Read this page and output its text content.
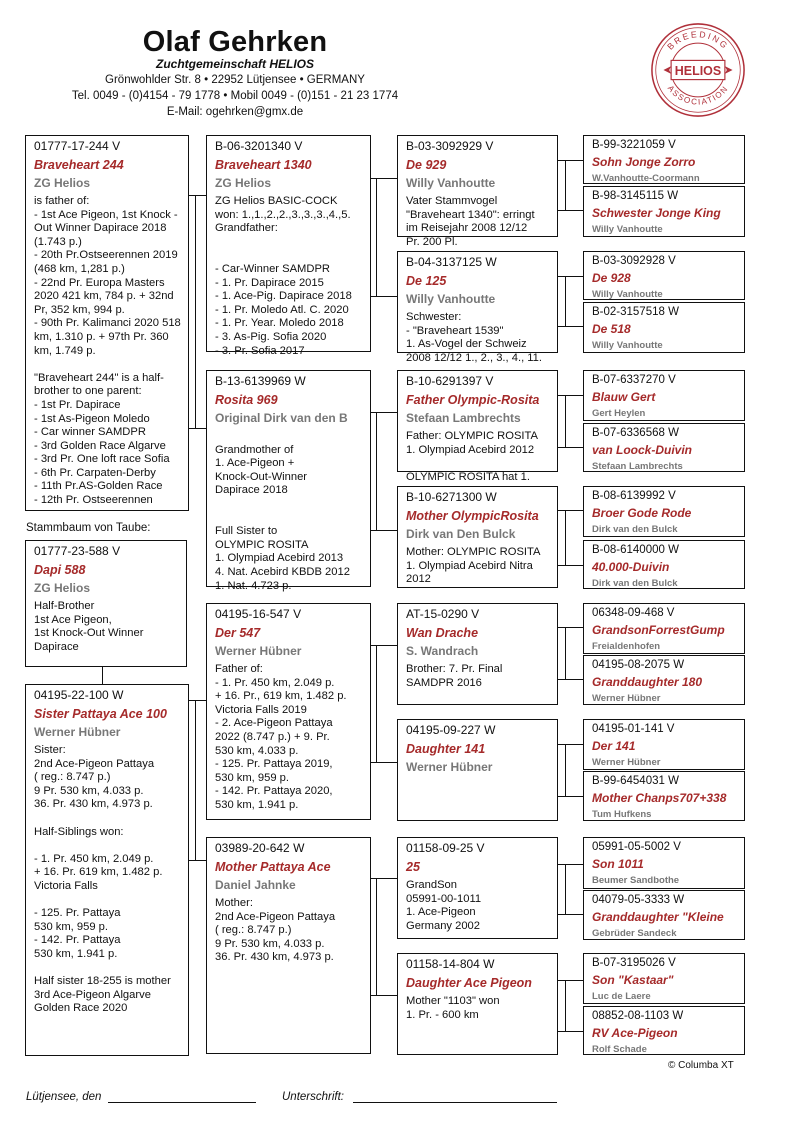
Olaf Gehrken
Zuchtgemeinschaft HELIOS
Grönwohlder Str. 8 • 22952 Lütjensee • GERMANY
Tel. 0049 - (0)4154 - 79 1778 • Mobil 0049 - (0)151 - 21 23 1774
E-Mail: ogehrken@gmx.de
BREEDING
ASSOCIATION
HELIOS
01777-17-244 V
Braveheart 244
ZG Helios
is father of:
- 1st Ace Pigeon, 1st Knock -Out Winner Dapirace 2018 (1.743 p.)
- 20th Pr.Ostseerennen 2019 (468 km, 1,281 p.)
- 22nd Pr. Europa Masters 2020 421 km, 784 p. + 32nd Pr, 352 km, 994 p.
- 90th Pr. Kalimanci 2020 518 km, 1.310 p. + 97th Pr. 360 km, 1.749 p.

"Braveheart 244" is a half-brother to one parent:
- 1st Pr. Dapirace
- 1st As-Pigeon Moledo
- Car winner SAMDPR
- 3rd Golden Race Algarve
- 3rd Pr. One loft race Sofia
- 6th Pr. Carpaten-Derby
- 11th Pr.AS-Golden Race
- 12th Pr. Ostseerennen
Stammbaum von Taube:
01777-23-588 V
Dapi 588
ZG Helios
Half-Brother
1st Ace Pigeon,
1st Knock-Out Winner
Dapirace
04195-22-100 W
Sister Pattaya Ace 100
Werner Hübner
Sister:
2nd Ace-Pigeon Pattaya
( reg.: 8.747 p.)
9 Pr. 530 km, 4.033 p.
36. Pr. 430 km, 4.973 p.

Half-Siblings won:

- 1. Pr. 450 km, 2.049 p.
+ 16. Pr. 619 km, 1.482 p.
Victoria Falls

- 125. Pr. Pattaya
530 km, 959 p.
- 142. Pr. Pattaya
530 km, 1.941 p.

Half sister 18-255 is mother
3rd Ace-Pigeon Algarve
Golden Race 2020
B-06-3201340 V
Braveheart 1340
ZG Helios
ZG Helios BASIC-COCK
won: 1.,1.,2.,2.,3.,3.,3.,4.,5.
Grandfather:

- Car-Winner SAMDPR
- 1. Pr. Dapirace 2015
- 1. Ace-Pig. Dapirace 2018
- 1. Pr. Moledo Atl. C. 2020
- 1. Pr. Year. Moledo 2018
- 3. As-Pig. Sofia 2020
- 3. Pr. Sofia 2017
B-13-6139969 W
Rosita 969
Original Dirk van den B

Grandmother of
1. Ace-Pigeon +
Knock-Out-Winner
Dapirace 2018

Full Sister to
OLYMPIC ROSITA
1. Olympiad Acebird 2013
4. Nat. Acebird KBDB 2012
1. Nat. 4.723 p.
04195-16-547 V
Der 547
Werner Hübner
Father of:
- 1. Pr. 450 km, 2.049 p.
+ 16. Pr., 619 km, 1.482 p.
Victoria Falls 2019
- 2. Ace-Pigeon Pattaya
2022 (8.747 p.) + 9. Pr.
530 km, 4.033 p.
- 125. Pr. Pattaya 2019,
530 km, 959 p.
- 142. Pr. Pattaya 2020,
530 km, 1.941 p.
03989-20-642 W
Mother Pattaya Ace
Daniel Jahnke
Mother:
2nd Ace-Pigeon Pattaya
( reg.: 8.747 p.)
9 Pr. 530 km, 4.033 p.
36. Pr. 430 km, 4.973 p.
B-03-3092929 V
De 929
Willy Vanhoutte
Vater Stammvogel
"Braveheart 1340": erringt
im Reisejahr 2008 12/12
Pr. 200 Pl.
B-04-3137125 W
De 125
Willy Vanhoutte
Schwester:
- "Braveheart 1539"
1. As-Vogel der Schweiz
2008 12/12 1., 2., 3., 4., 11.
B-10-6291397 V
Father Olympic-Rosita
Stefaan Lambrechts
Father: OLYMPIC ROSITA
1. Olympiad Acebird 2012

OLYMPIC ROSITA hat 1.
B-10-6271300 W
Mother OlympicRosita
Dirk van Den Bulck
Mother: OLYMPIC ROSITA
1. Olympiad Acebird Nitra
2012
AT-15-0290 V
Wan Drache
S. Wandrach
Brother: 7. Pr. Final
SAMDPR 2016
04195-09-227 W
Daughter 141
Werner Hübner
01158-09-25 V
25
GrandSon
05991-00-1011
1. Ace-Pigeon
Germany 2002
01158-14-804 W
Daughter Ace Pigeon
Mother "1103" won
1. Pr. - 600 km
B-99-3221059 V
Sohn Jonge Zorro
W.Vanhoutte-Coormann
B-98-3145115 W
Schwester Jonge King
Willy Vanhoutte
B-03-3092928 V
De 928
Willy Vanhoutte
B-02-3157518 W
De 518
Willy Vanhoutte
B-07-6337270 V
Blauw Gert
Gert Heylen
B-07-6336568 W
van Loock-Duivin
Stefaan Lambrechts
B-08-6139992 V
Broer Gode Rode
Dirk van den Bulck
B-08-6140000 W
40.000-Duivin
Dirk van den Bulck
06348-09-468 V
GrandsonForrestGump
Freialdenhofen
04195-08-2075 W
Granddaughter 180
Werner Hübner
04195-01-141 V
Der 141
Werner Hübner
B-99-6454031 W
Mother Chanps707+338
Tum Hufkens
05991-05-5002 V
Son 1011
Beumer Sandbothe
04079-05-3333 W
Granddaughter "Kleine
Gebrüder Sandeck
B-07-3195026 V
Son "Kastaar"
Luc de Laere
08852-08-1103 W
RV Ace-Pigeon
Rolf Schade
© Columba XT
Lütjensee, den	Unterschrift:
